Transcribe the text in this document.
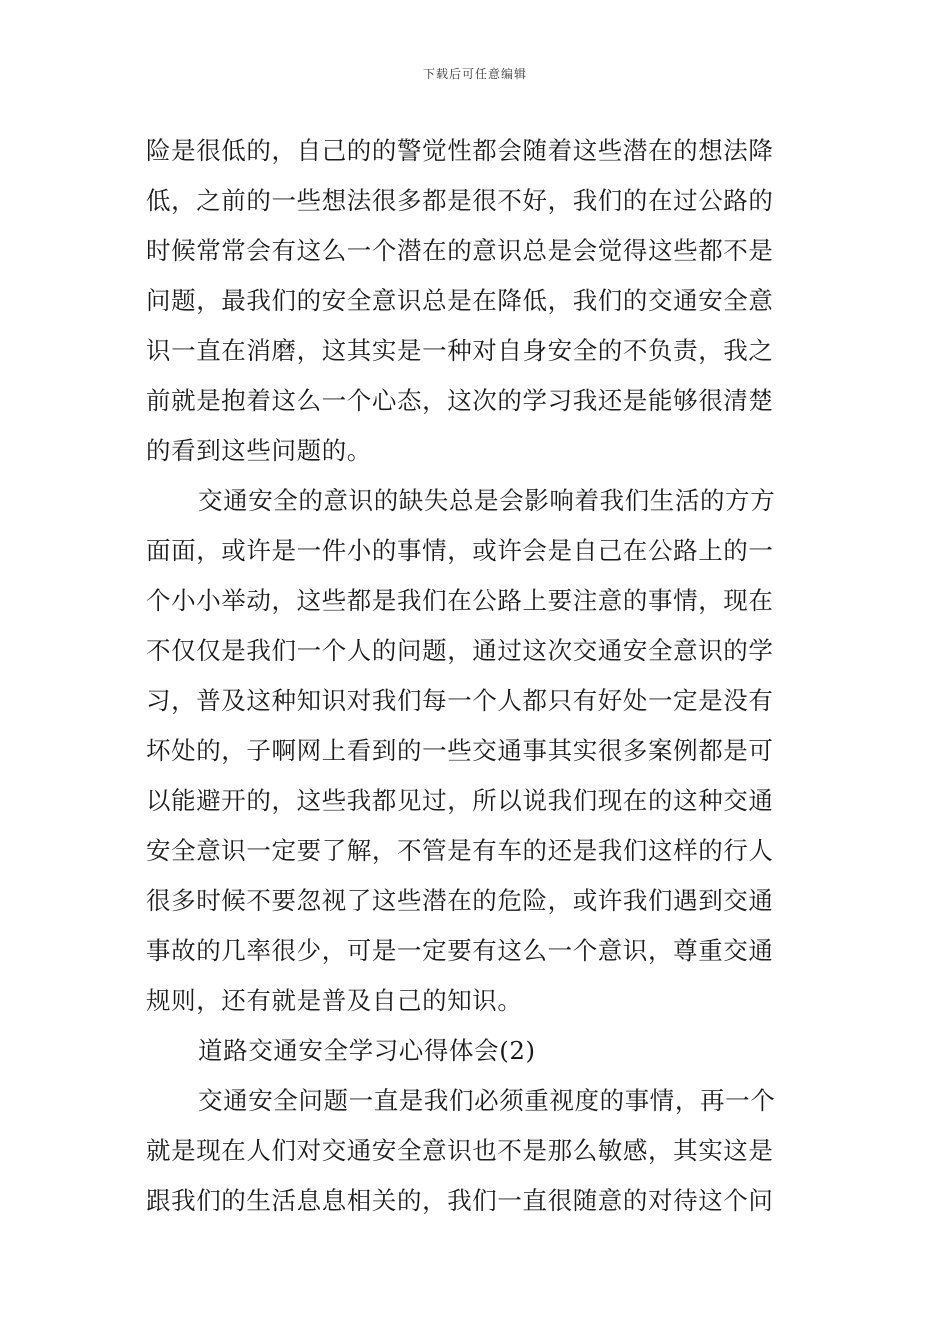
下载后可任意编辑
险是很低的，自己的的警觉性都会随着这些潜在的想法降
低，之前的一些想法很多都是很不好，我们的在过公路的
时候常常会有这么一个潜在的意识总是会觉得这些都不是
问题，最我们的安全意识总是在降低，我们的交通安全意
识一直在消磨，这其实是一种对自身安全的不负责，我之
前就是抱着这么一个心态，这次的学习我还是能够很清楚
的看到这些问题的。
交通安全的意识的缺失总是会影响着我们生活的方方
面面，或许是一件小的事情，或许会是自己在公路上的一
个小小举动，这些都是我们在公路上要注意的事情，现在
不仅仅是我们一个人的问题，通过这次交通安全意识的学
习，普及这种知识对我们每一个人都只有好处一定是没有
坏处的，子啊网上看到的一些交通事其实很多案例都是可
以能避开的，这些我都见过，所以说我们现在的这种交通
安全意识一定要了解，不管是有车的还是我们这样的行人
很多时候不要忽视了这些潜在的危险，或许我们遇到交通
事故的几率很少，可是一定要有这么一个意识，尊重交通
规则，还有就是普及自己的知识。
道路交通安全学习心得体会(2)
交通安全问题一直是我们必须重视度的事情，再一个
就是现在人们对交通安全意识也不是那么敏感，其实这是
跟我们的生活息息相关的，我们一直很随意的对待这个问
